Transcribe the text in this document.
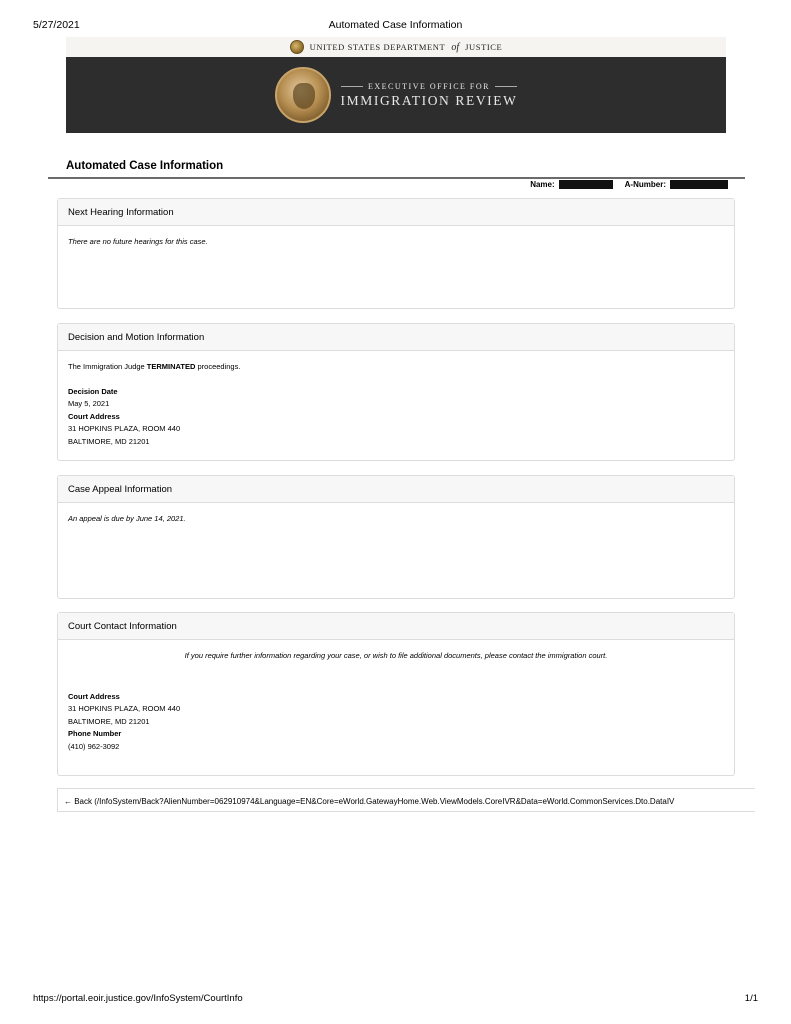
5/27/2021	Automated Case Information
UNITED STATES DEPARTMENT of JUSTICE
EXECUTIVE OFFICE FOR
IMMIGRATION REVIEW
Automated Case Information
Name:	A-Number:
Next Hearing Information
There are no future hearings for this case.
Decision and Motion Information
The Immigration Judge TERMINATED proceedings.
Decision Date
May 5, 2021
Court Address
31 HOPKINS PLAZA, ROOM 440
BALTIMORE, MD 21201
Case Appeal Information
An appeal is due by June 14, 2021.
Court Contact Information
If you require further information regarding your case, or wish to file additional documents, please contact the immigration court.
Court Address
31 HOPKINS PLAZA, ROOM 440
BALTIMORE, MD 21201
Phone Number
(410) 962-3092
← Back (/InfoSystem/Back?AlienNumber=062910974&Language=EN&Core=eWorld.GatewayHome.Web.ViewModels.CoreIVR&Data=eWorld.CommonServices.Dto.DataIV
https://portal.eoir.justice.gov/InfoSystem/CourtInfo	1/1
